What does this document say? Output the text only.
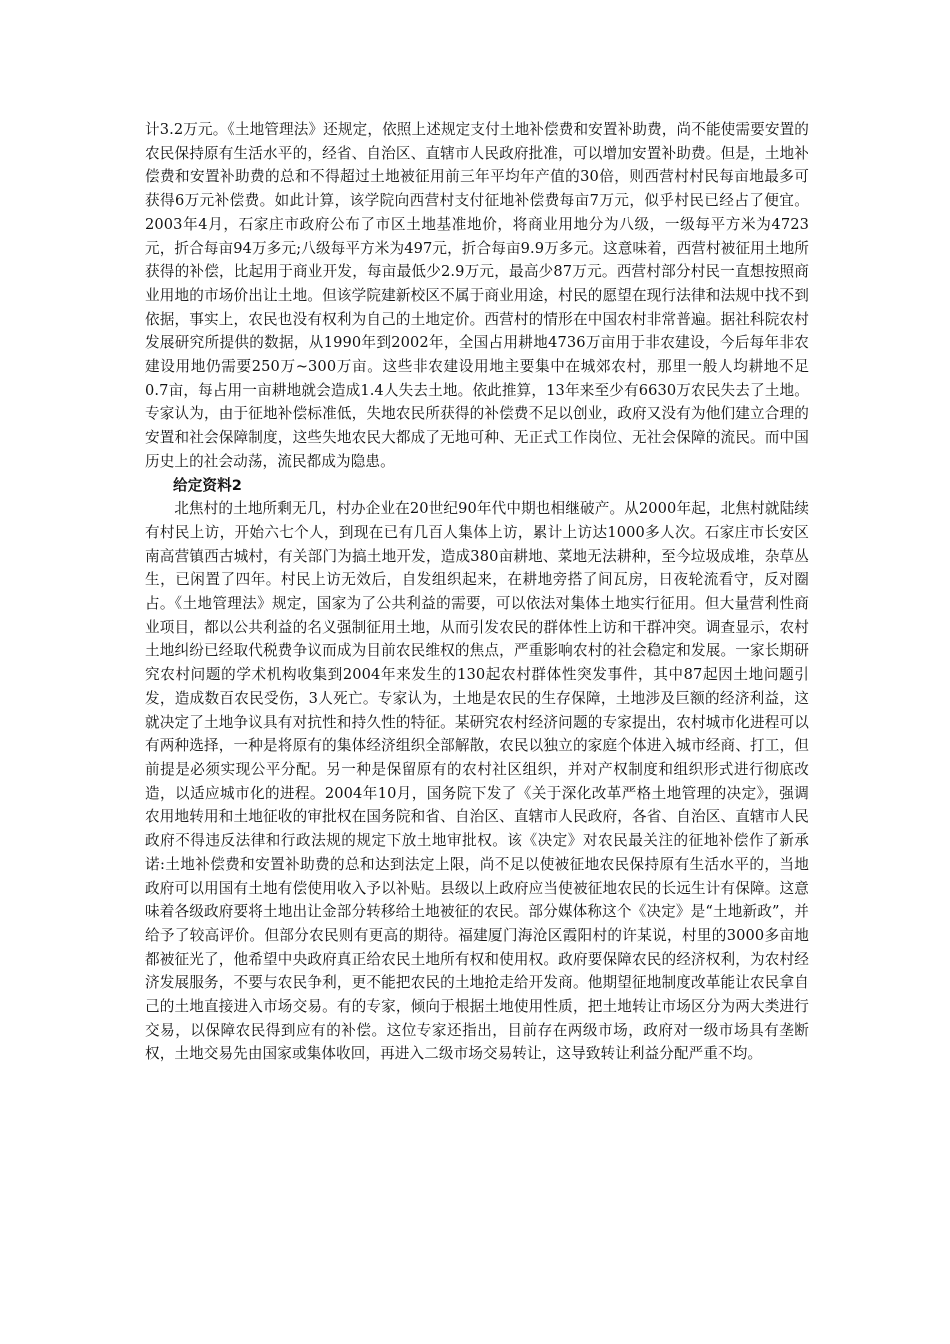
计3.2万元。《土地管理法》还规定，依照上述规定支付土地补偿费和安置补助费，尚不能使需要安置的农民保持原有生活水平的，经省、自治区、直辖市人民政府批准，可以增加安置补助费。但是，土地补偿费和安置补助费的总和不得超过土地被征用前三年平均年产值的30倍，则西营村村民每亩地最多可获得6万元补偿费。如此计算，该学院向西营村支付征地补偿费每亩7万元，似乎村民已经占了便宜。2003年4月，石家庄市政府公布了市区土地基准地价，将商业用地分为八级，一级每平方米为4723元，折合每亩94万多元;八级每平方米为497元，折合每亩9.9万多元。这意味着，西营村被征用土地所获得的补偿，比起用于商业开发，每亩最低少2.9万元，最高少87万元。西营村部分村民一直想按照商业用地的市场价出让土地。但该学院建新校区不属于商业用途，村民的愿望在现行法律和法规中找不到依据，事实上，农民也没有权利为自己的土地定价。西营村的情形在中国农村非常普遍。据社科院农村发展研究所提供的数据，从1990年到2002年，全国占用耕地4736万亩用于非农建设，今后每年非农建设用地仍需要250万~300万亩。这些非农建设用地主要集中在城郊农村，那里一般人均耕地不足0.7亩，每占用一亩耕地就会造成1.4人失去土地。依此推算，13年来至少有6630万农民失去了土地。专家认为，由于征地补偿标准低，失地农民所获得的补偿费不足以创业，政府又没有为他们建立合理的安置和社会保障制度，这些失地农民大都成了无地可种、无正式工作岗位、无社会保障的流民。而中国历史上的社会动荡，流民都成为隐患。

给定资料2

北焦村的土地所剩无几，村办企业在20世纪90年代中期也相继破产。从2000年起，北焦村就陆续有村民上访，开始六七个人，到现在已有几百人集体上访，累计上访达1000多人次。石家庄市长安区南高营镇西古城村，有关部门为搞土地开发，造成380亩耕地、菜地无法耕种，至今垃圾成堆，杂草丛生，已闲置了四年。村民上访无效后，自发组织起来，在耕地旁搭了间瓦房，日夜轮流看守，反对圈占。《土地管理法》规定，国家为了公共利益的需要，可以依法对集体土地实行征用。但大量营利性商业项目，都以公共利益的名义强制征用土地，从而引发农民的群体性上访和干群冲突。调查显示，农村土地纠纷已经取代税费争议而成为目前农民维权的焦点，严重影响农村的社会稳定和发展。一家长期研究农村问题的学术机构收集到2004年来发生的130起农村群体性突发事件，其中87起因土地问题引发，造成数百农民受伤，3人死亡。专家认为，土地是农民的生存保障，土地涉及巨额的经济利益，这就决定了土地争议具有对抗性和持久性的特征。某研究农村经济问题的专家提出，农村城市化进程可以有两种选择，一种是将原有的集体经济组织全部解散，农民以独立的家庭个体进入城市经商、打工，但前提是必须实现公平分配。另一种是保留原有的农村社区组织，并对产权制度和组织形式进行彻底改造，以适应城市化的进程。2004年10月，国务院下发了《关于深化改革严格土地管理的决定》，强调农用地转用和土地征收的审批权在国务院和省、自治区、直辖市人民政府，各省、自治区、直辖市人民政府不得违反法律和行政法规的规定下放土地审批权。该《决定》对农民最关注的征地补偿作了新承诺:土地补偿费和安置补助费的总和达到法定上限，尚不足以使被征地农民保持原有生活水平的，当地政府可以用国有土地有偿使用收入予以补贴。县级以上政府应当使被征地农民的长远生计有保障。这意味着各级政府要将土地出让金部分转移给土地被征的农民。部分媒体称这个《决定》是“土地新政”，并给予了较高评价。但部分农民则有更高的期待。福建厦门海沧区霞阳村的许某说，村里的3000多亩地都被征光了，他希望中央政府真正给农民土地所有权和使用权。政府要保障农民的经济权利，为农村经济发展服务，不要与农民争利，更不能把农民的土地抢走给开发商。他期望征地制度改革能让农民拿自己的土地直接进入市场交易。有的专家，倾向于根据土地使用性质，把土地转让市场区分为两大类进行交易，以保障农民得到应有的补偿。这位专家还指出，目前存在两级市场，政府对一级市场具有垄断权，土地交易先由国家或集体收回，再进入二级市场交易转让，这导致转让利益分配严重不均。
